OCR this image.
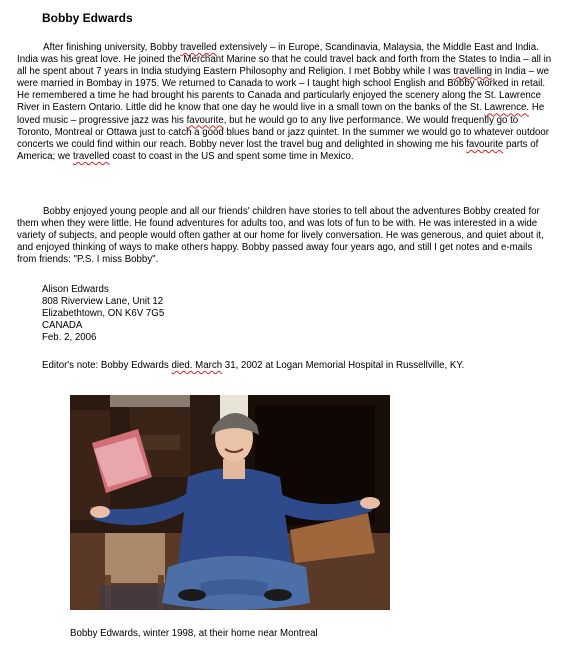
Bobby Edwards

After finishing university, Bobby travelled extensively – in Europe, Scandinavia, Malaysia, the Middle East and India. India was his great love. He joined the Merchant Marine so that he could travel back and forth from the States to India – all in all he spent about 7 years in India studying Eastern Philosophy and Religion. I met Bobby while I was travelling in India – we were married in Bombay in 1975. We returned to Canada to work – I taught high school English and Bobby worked in retail. He remembered a time he had brought his parents to Canada and particularly enjoyed the scenery along the St. Lawrence River in Eastern Ontario. Little did he know that one day he would live in a small town on the banks of the St. Lawrence. He loved music – progressive jazz was his favourite, but he would go to any live performance. We would frequently go to Toronto, Montreal or Ottawa just to catch a good blues band or jazz quintet. In the summer we would go to whatever outdoor concerts we could find within our reach. Bobby never lost the travel bug and delighted in showing me his favourite parts of America; we travelled coast to coast in the US and spent some time in Mexico.

Bobby enjoyed young people and all our friends' children have stories to tell about the adventures Bobby created for them when they were little. He found adventures for adults too, and was lots of fun to be with. He was interested in a wide variety of subjects, and people would often gather at our home for lively conversation. He was generous, and quiet about it, and enjoyed thinking of ways to make others happy. Bobby passed away four years ago, and still I get notes and e-mails from friends: "P.S. I miss Bobby".

Alison Edwards
808 Riverview Lane, Unit 12
Elizabethtown, ON K6V 7G5
CANADA
Feb. 2, 2006

Editor's note: Bobby Edwards died. March 31, 2002 at Logan Memorial Hospital in Russellville, KY.

Bobby Edwards, winter 1998, at their home near Montreal
